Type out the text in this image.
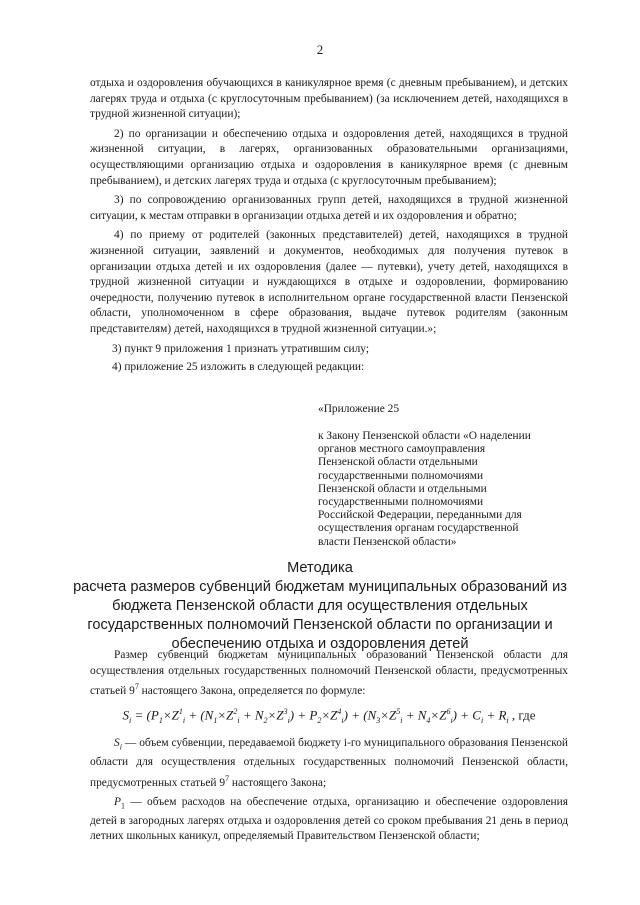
2

отдыха и оздоровления обучающихся в каникулярное время (с дневным пребыванием), и детских лагерях труда и отдыха (с круглосуточным пребыванием) (за исключением детей, находящихся в трудной жизненной ситуации);

2) по организации и обеспечению отдыха и оздоровления детей, находящихся в трудной жизненной ситуации, в лагерях, организованных образовательными организациями, осуществляющими организацию отдыха и оздоровления в каникулярное время (с дневным пребыванием), и детских лагерях труда и отдыха (с круглосуточным пребыванием);

3) по сопровождению организованных групп детей, находящихся в трудной жизненной ситуации, к местам отправки в организации отдыха детей и их оздоровления и обратно;

4) по приему от родителей (законных представителей) детей, находящихся в трудной жизненной ситуации, заявлений и документов, необходимых для получения путевок в организации отдыха детей и их оздоровления (далее — путевки), учету детей, находящихся в трудной жизненной ситуации и нуждающихся в отдыхе и оздоровлении, формированию очередности, получению путевок в исполнительном органе государственной власти Пензенской области, уполномоченном в сфере образования, выдаче путевок родителям (законным представителям) детей, находящихся в трудной жизненной ситуации.»;

3) пункт 9 приложения 1 признать утратившим силу;

4) приложение 25 изложить в следующей редакции:

«Приложение 25
к Закону Пензенской области «О наделении
органов местного самоуправления
Пензенской области отдельными
государственными полномочиями
Пензенской области и отдельными
государственными полномочиями
Российской Федерации, переданными для
осуществления органам государственной
власти Пензенской области»
Методика
расчета размеров субвенций бюджетам муниципальных образований из бюджета Пензенской области для осуществления отдельных государственных полномочий Пензенской области по организации и обеспечению отдыха и оздоровления детей

Размер субвенций бюджетам муниципальных образований Пензенской области для осуществления отдельных государственных полномочий Пензенской области, предусмотренных статьей $9^7$ настоящего Закона, определяется по формуле:

$S_i = (P_1\times Z^1_i + (N_1\times Z^2_i + N_2\times Z^3_i) + P_2\times Z^4_i) + (N_3\times Z^5_i + N_4\times Z^6_i) + C_i + R_i$ , где

$S_i$ — объем субвенции, передаваемой бюджету i-го муниципального образования Пензенской области для осуществления отдельных государственных полномочий Пензенской области, предусмотренных статьей $9^7$ настоящего Закона;

$P_1$ — объем расходов на обеспечение отдыха, организацию и обеспечение оздоровления детей в загородных лагерях отдыха и оздоровления детей со сроком пребывания 21 день в период летних школьных каникул, определяемый Правительством Пензенской области;
